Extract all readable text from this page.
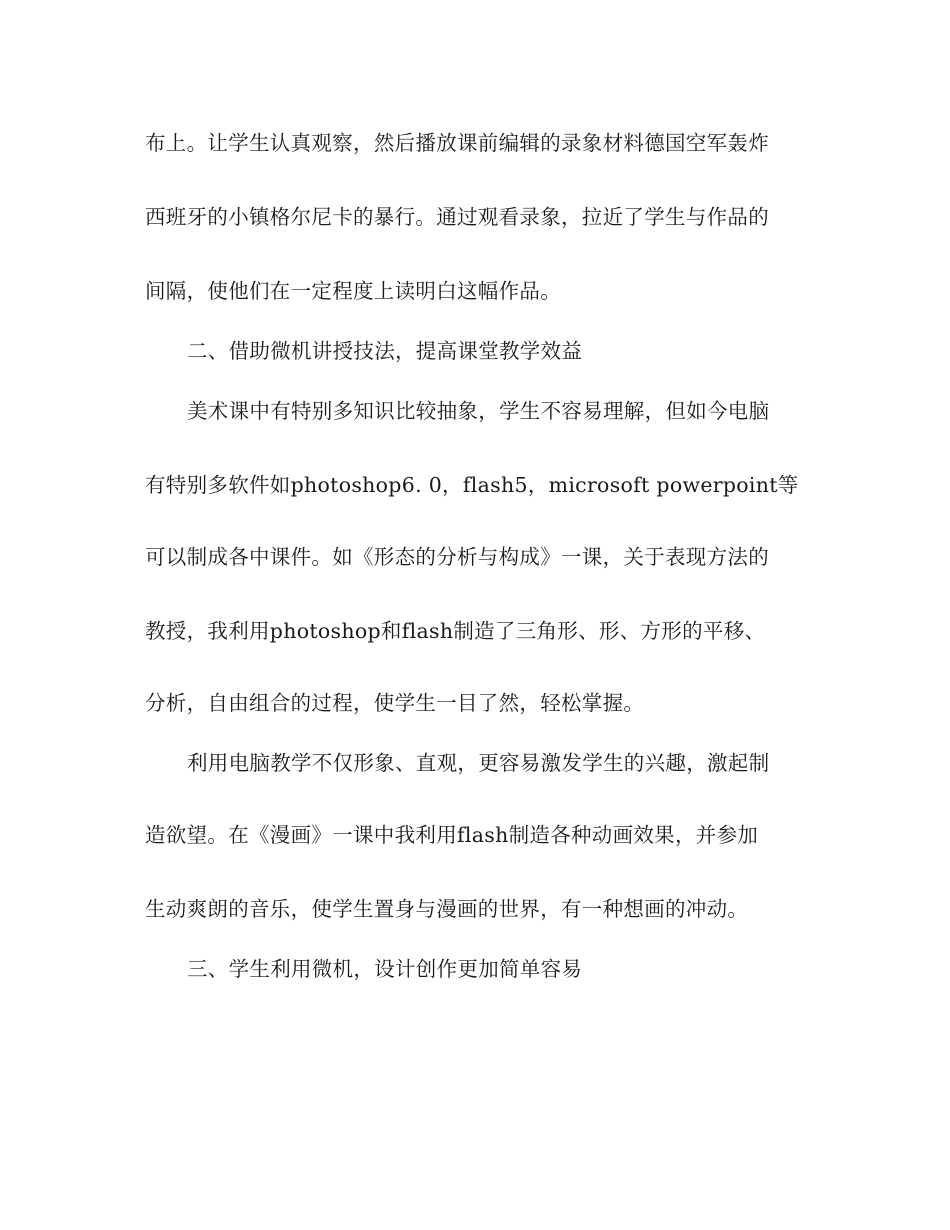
布上。让学生认真观察，然后播放课前编辑的录象材料德国空军轰炸
西班牙的小镇格尔尼卡的暴行。通过观看录象，拉近了学生与作品的
间隔，使他们在一定程度上读明白这幅作品。
二、借助微机讲授技法，提高课堂教学效益
美术课中有特别多知识比较抽象，学生不容易理解，但如今电脑
有特别多软件如photoshop6. 0，flash5，microsoft powerpoint等
可以制成各中课件。如《形态的分析与构成》一课，关于表现方法的
教授，我利用photoshop和flash制造了三角形、形、方形的平移、
分析，自由组合的过程，使学生一目了然，轻松掌握。
利用电脑教学不仅形象、直观，更容易激发学生的兴趣，激起制
造欲望。在《漫画》一课中我利用flash制造各种动画效果，并参加
生动爽朗的音乐，使学生置身与漫画的世界，有一种想画的冲动。
三、学生利用微机，设计创作更加简单容易
